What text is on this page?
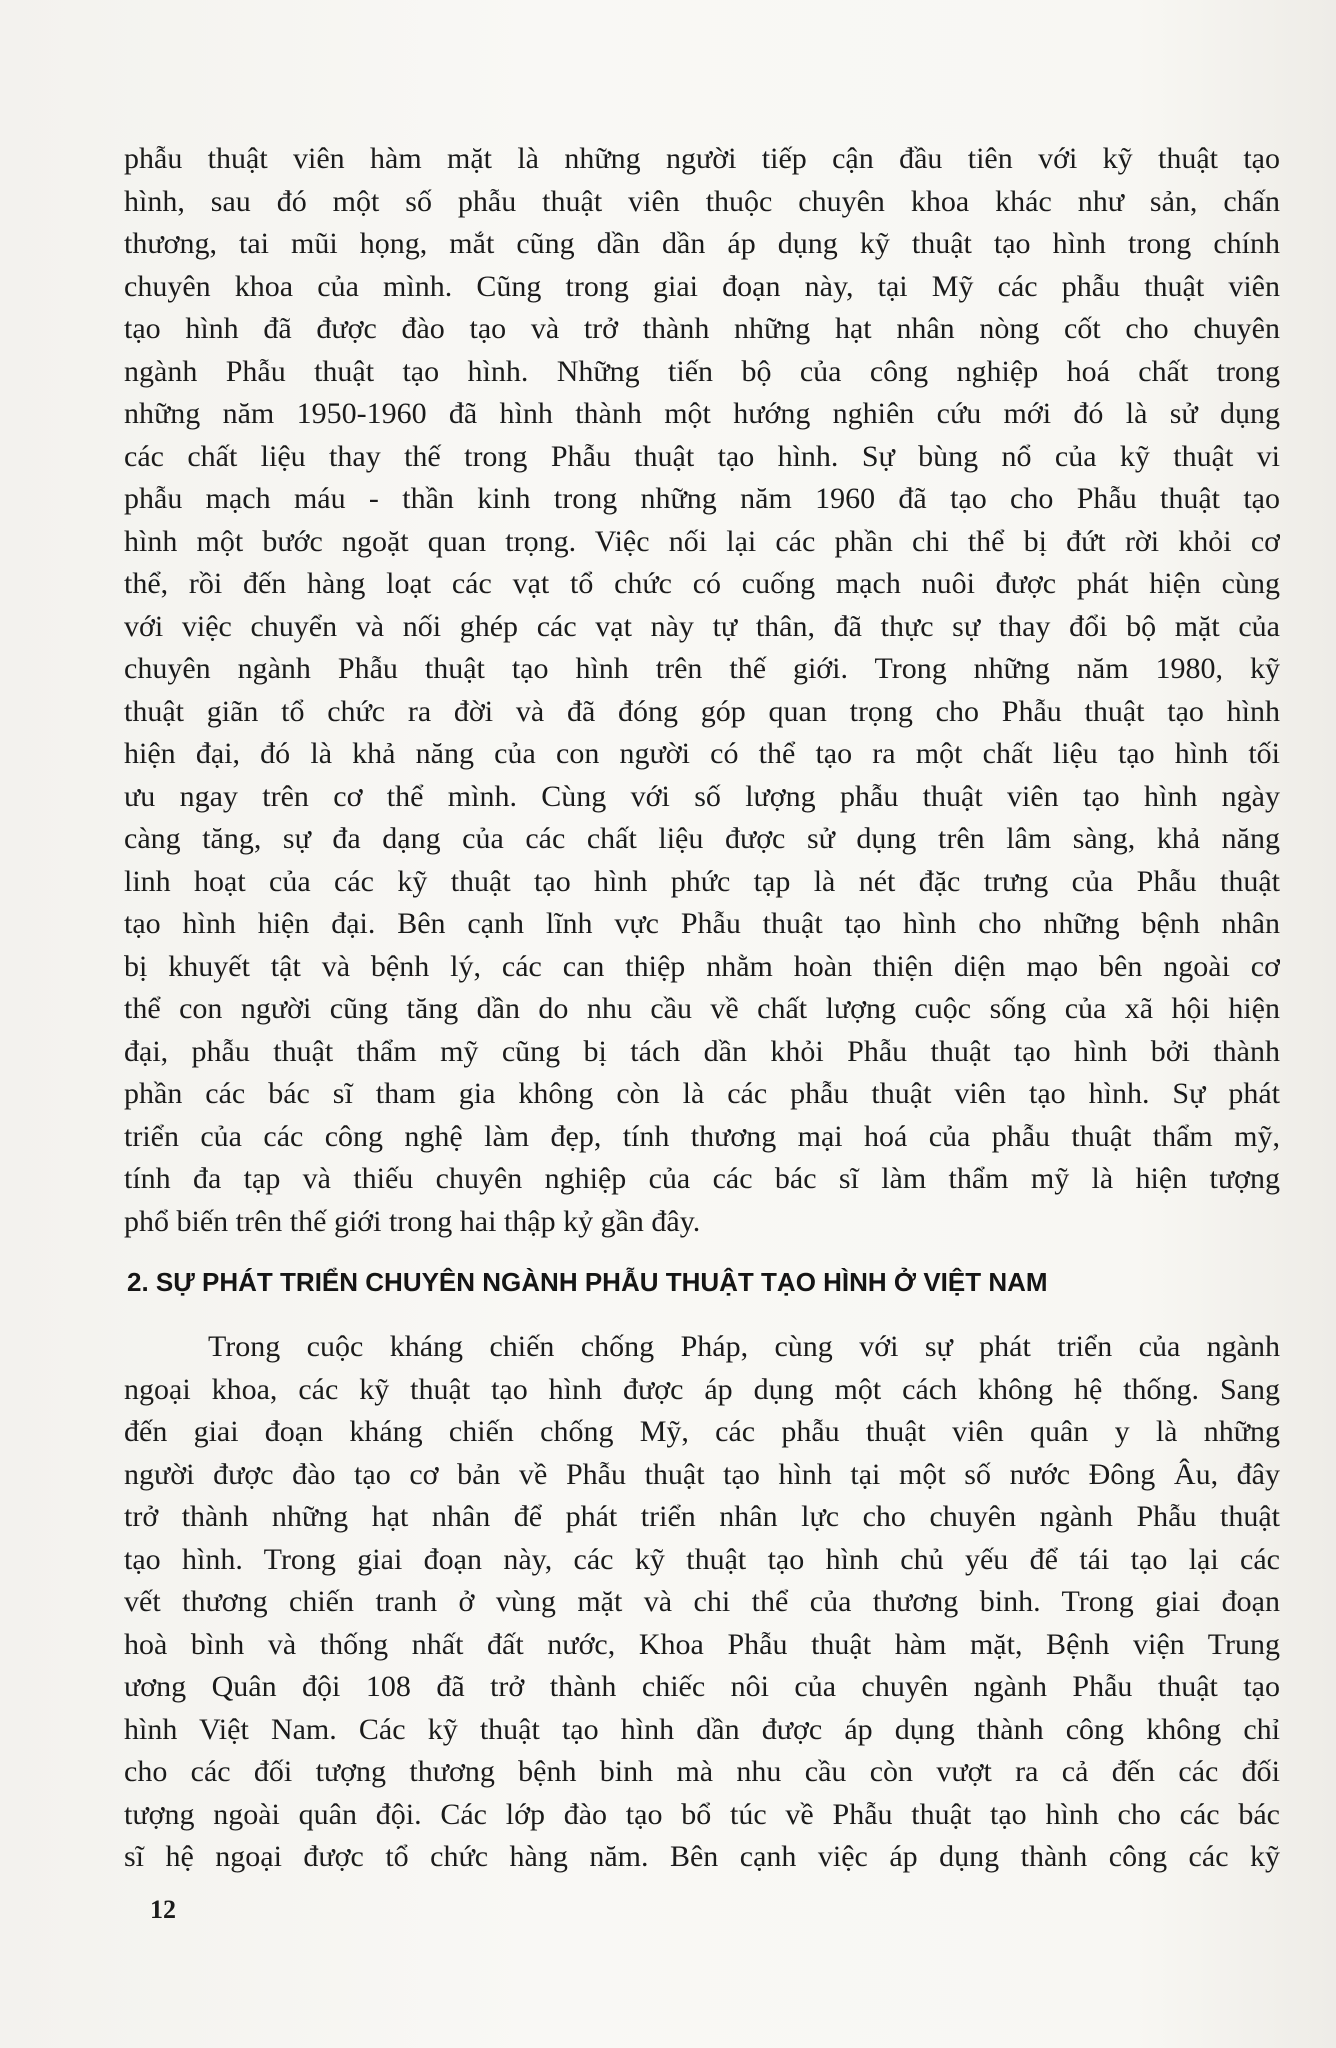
phẫu thuật viên hàm mặt là những người tiếp cận đầu tiên với kỹ thuật tạo
hình, sau đó một số phẫu thuật viên thuộc chuyên khoa khác như sản, chấn
thương, tai mũi họng, mắt cũng dần dần áp dụng kỹ thuật tạo hình trong chính
chuyên khoa của mình. Cũng trong giai đoạn này, tại Mỹ các phẫu thuật viên
tạo hình đã được đào tạo và trở thành những hạt nhân nòng cốt cho chuyên
ngành Phẫu thuật tạo hình. Những tiến bộ của công nghiệp hoá chất trong
những năm 1950-1960 đã hình thành một hướng nghiên cứu mới đó là sử dụng
các chất liệu thay thế trong Phẫu thuật tạo hình. Sự bùng nổ của kỹ thuật vi
phẫu mạch máu - thần kinh trong những năm 1960 đã tạo cho Phẫu thuật tạo
hình một bước ngoặt quan trọng. Việc nối lại các phần chi thể bị đứt rời khỏi cơ
thể, rồi đến hàng loạt các vạt tổ chức có cuống mạch nuôi được phát hiện cùng
với việc chuyển và nối ghép các vạt này tự thân, đã thực sự thay đổi bộ mặt của
chuyên ngành Phẫu thuật tạo hình trên thế giới. Trong những năm 1980, kỹ
thuật giãn tổ chức ra đời và đã đóng góp quan trọng cho Phẫu thuật tạo hình
hiện đại, đó là khả năng của con người có thể tạo ra một chất liệu tạo hình tối
ưu ngay trên cơ thể mình. Cùng với số lượng phẫu thuật viên tạo hình ngày
càng tăng, sự đa dạng của các chất liệu được sử dụng trên lâm sàng, khả năng
linh hoạt của các kỹ thuật tạo hình phức tạp là nét đặc trưng của Phẫu thuật
tạo hình hiện đại. Bên cạnh lĩnh vực Phẫu thuật tạo hình cho những bệnh nhân
bị khuyết tật và bệnh lý, các can thiệp nhằm hoàn thiện diện mạo bên ngoài cơ
thể con người cũng tăng dần do nhu cầu về chất lượng cuộc sống của xã hội hiện
đại, phẫu thuật thẩm mỹ cũng bị tách dần khỏi Phẫu thuật tạo hình bởi thành
phần các bác sĩ tham gia không còn là các phẫu thuật viên tạo hình. Sự phát
triển của các công nghệ làm đẹp, tính thương mại hoá của phẫu thuật thẩm mỹ,
tính đa tạp và thiếu chuyên nghiệp của các bác sĩ làm thẩm mỹ là hiện tượng
phổ biến trên thế giới trong hai thập kỷ gần đây.
2. SỰ PHÁT TRIỂN CHUYÊN NGÀNH PHẪU THUẬT TẠO HÌNH Ở VIỆT NAM
Trong cuộc kháng chiến chống Pháp, cùng với sự phát triển của ngành
ngoại khoa, các kỹ thuật tạo hình được áp dụng một cách không hệ thống. Sang
đến giai đoạn kháng chiến chống Mỹ, các phẫu thuật viên quân y là những
người được đào tạo cơ bản về Phẫu thuật tạo hình tại một số nước Đông Âu, đây
trở thành những hạt nhân để phát triển nhân lực cho chuyên ngành Phẫu thuật
tạo hình. Trong giai đoạn này, các kỹ thuật tạo hình chủ yếu để tái tạo lại các
vết thương chiến tranh ở vùng mặt và chi thể của thương binh. Trong giai đoạn
hoà bình và thống nhất đất nước, Khoa Phẫu thuật hàm mặt, Bệnh viện Trung
ương Quân đội 108 đã trở thành chiếc nôi của chuyên ngành Phẫu thuật tạo
hình Việt Nam. Các kỹ thuật tạo hình dần được áp dụng thành công không chỉ
cho các đối tượng thương bệnh binh mà nhu cầu còn vượt ra cả đến các đối
tượng ngoài quân đội. Các lớp đào tạo bổ túc về Phẫu thuật tạo hình cho các bác
sĩ hệ ngoại được tổ chức hàng năm. Bên cạnh việc áp dụng thành công các kỹ
12
